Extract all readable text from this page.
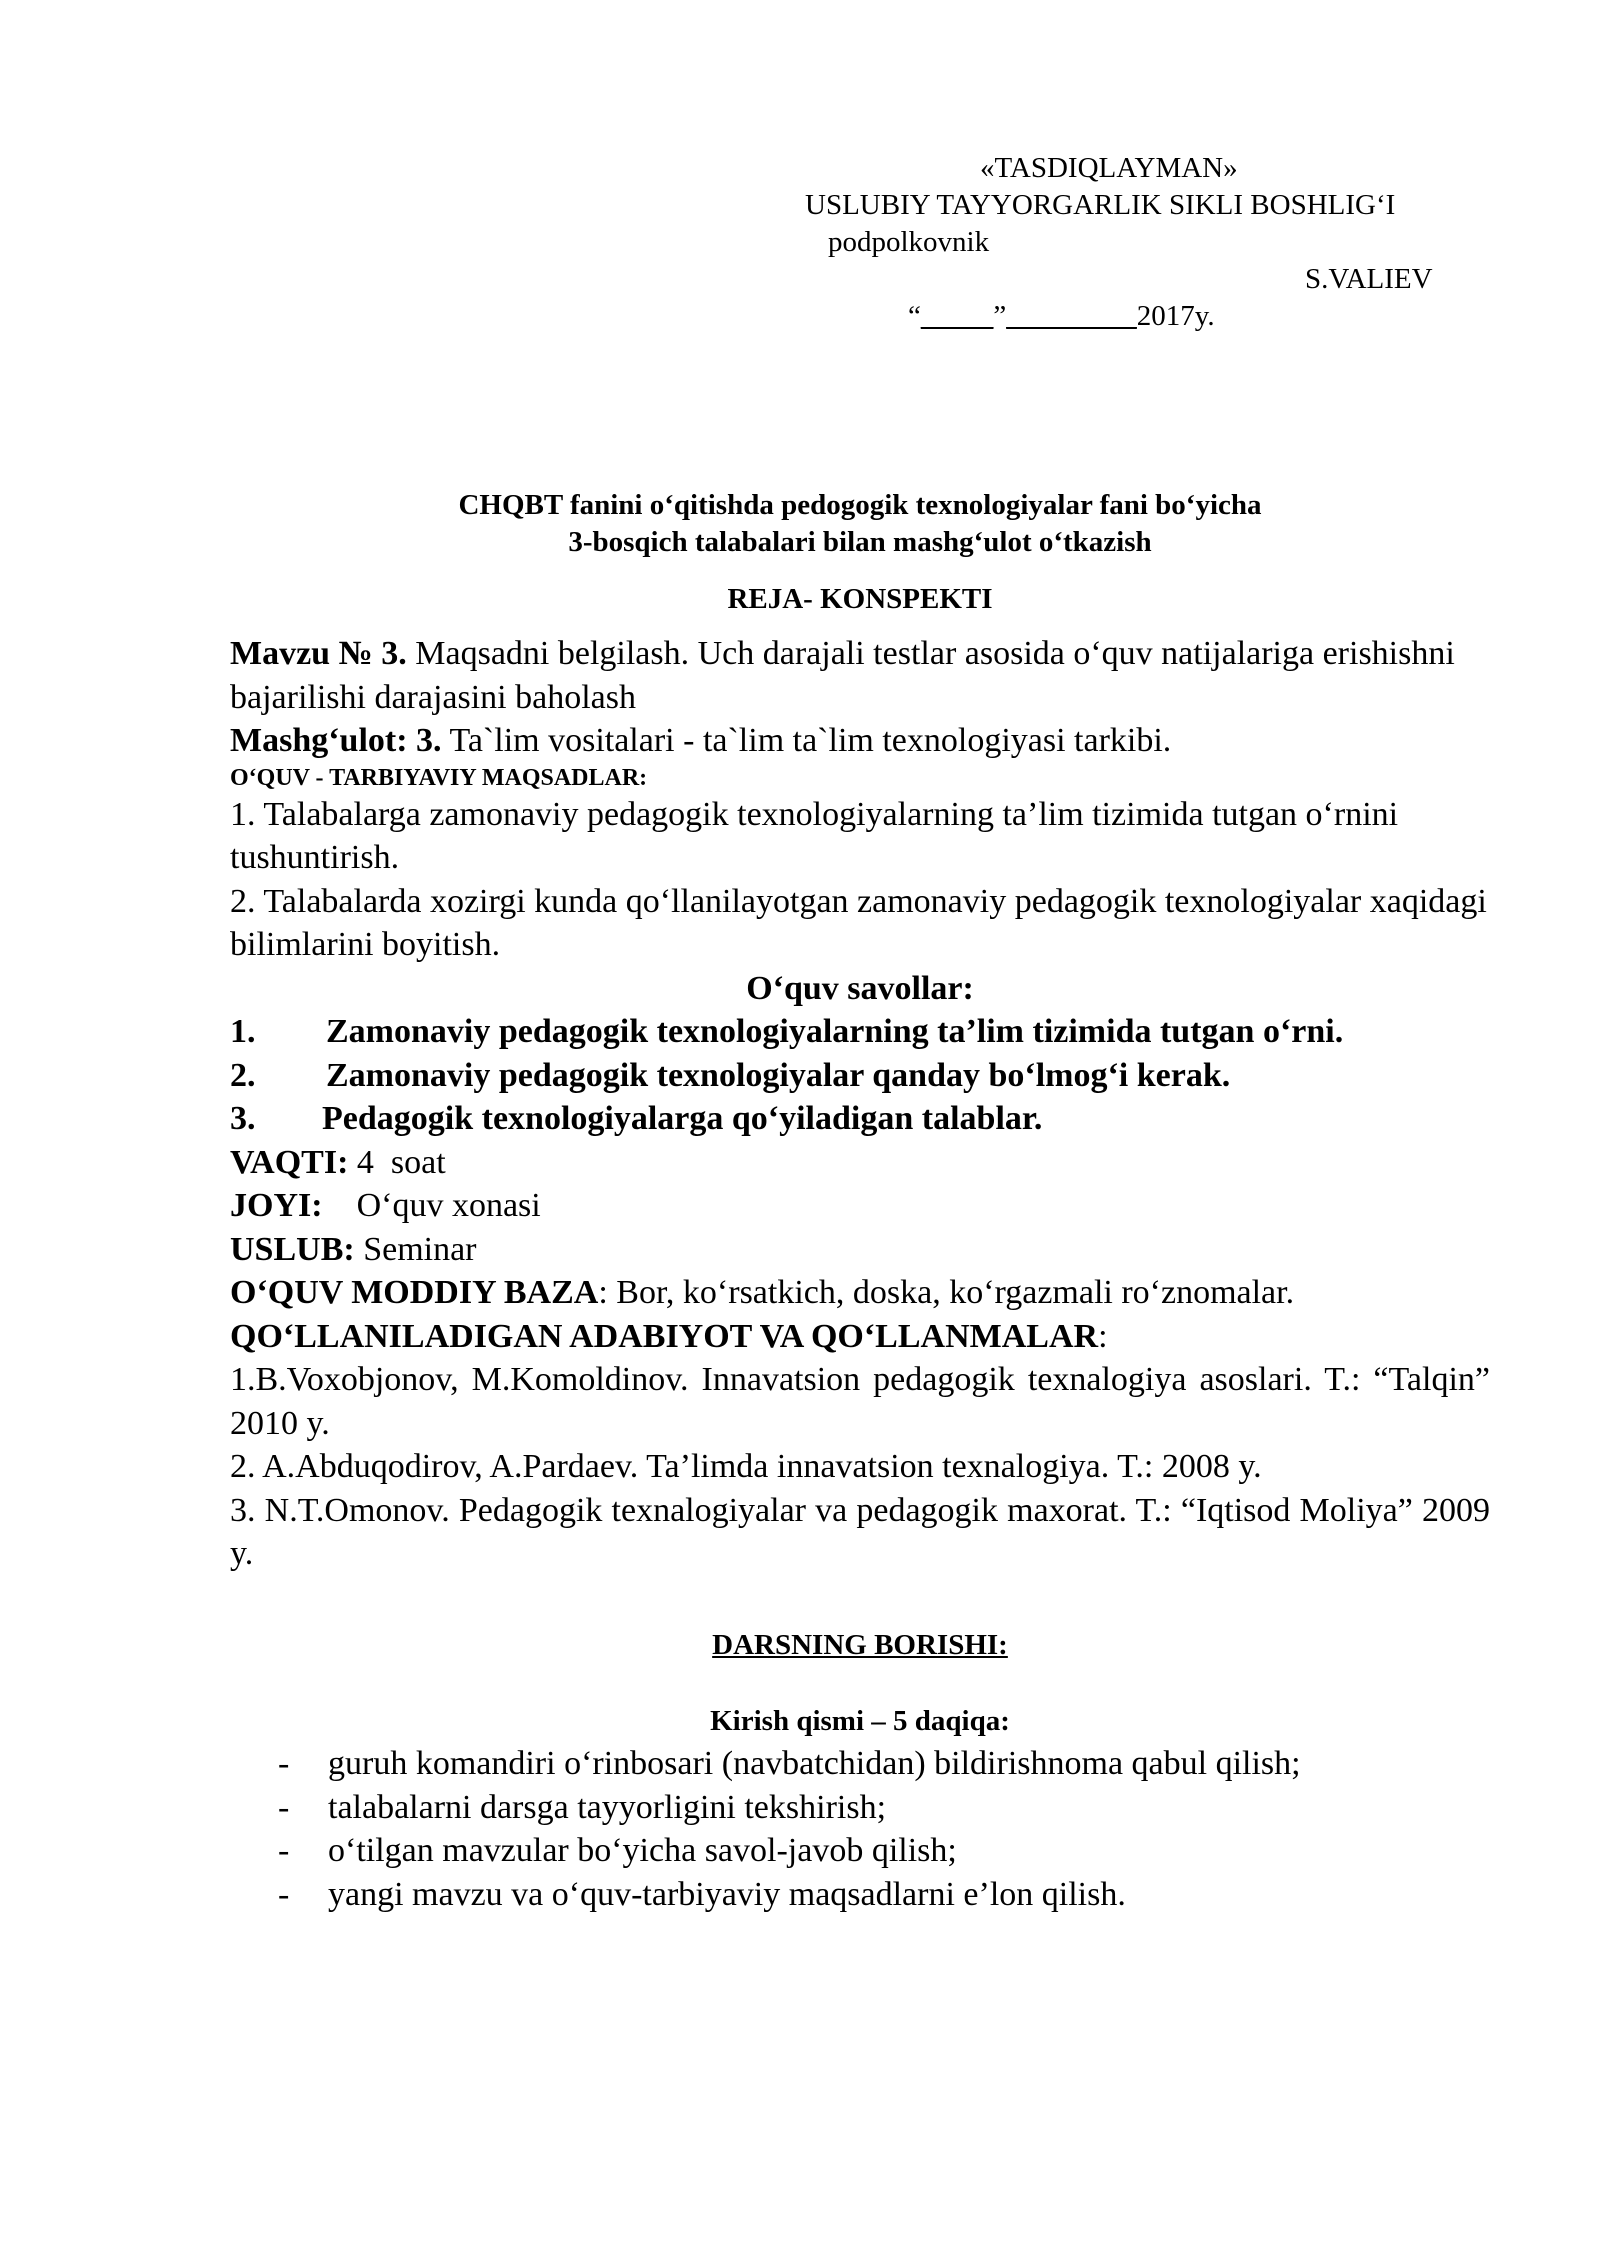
«TASDIQLAYMAN»
USLUBIY TAYYORGARLIK SIKLI BOSHLIG‘I
podpolkovnik
S.VALIEV
“_____”_________2017y.
CHQBT fanini o‘qitishda pedogogik texnologiyalar fani bo‘yicha
3-bosqich talabalari bilan mashg‘ulot o‘tkazish
REJA- KONSPEKTI

Mavzu № 3. Maqsadni belgilash. Uch darajali testlar asosida o‘quv natijalariga erishishni bajarilishi darajasini baholash

Mashg‘ulot: 3. Ta`lim vositalari - ta`lim ta`lim texnologiyasi tarkibi.

O‘QUV - TARBIYAVIY MAQSADLAR:

1. Talabalarga zamonaviy pedagogik texnologiyalarning ta’lim tizimida tutgan o‘rnini tushuntirish.

2. Talabalarda xozirgi kunda qo‘llanilayotgan zamonaviy pedagogik texnologiyalar xaqidagi bilimlarini boyitish.

O‘quv savollar:

1.	Zamonaviy pedagogik texnologiyalarning ta’lim tizimida tutgan o‘rni.
2.	Zamonaviy pedagogik texnologiyalar qanday bo‘lmog‘i kerak.
3.	Pedagogik texnologiyalarga qo‘yiladigan talablar.

VAQTI: 4  soat

JOYI:    O‘quv xonasi

USLUB: Seminar

O‘QUV MODDIY BAZA: Bor, ko‘rsatkich, doska, ko‘rgazmali ro‘znomalar.

QO‘LLANILADIGAN ADABIYOT VA QO‘LLANMALAR:

1.B.Voxobjonov, M.Komoldinov. Innavatsion pedagogik texnalogiya asoslari. T.: “Talqin” 2010 y.

2. A.Abduqodirov, A.Pardaev. Ta’limda innavatsion texnalogiya. T.: 2008 y.

3. N.T.Omonov. Pedagogik texnalogiyalar va pedagogik maxorat. T.: “Iqtisod Moliya” 2009 y.

DARSNING BORISHI:
Kirish qismi – 5 daqiqa:
-	guruh komandiri o‘rinbosari (navbatchidan) bildirishnoma qabul qilish;
-	talabalarni darsga tayyorligini tekshirish;
-	o‘tilgan mavzular bo‘yicha savol-javob qilish;
-	yangi mavzu va o‘quv-tarbiyaviy maqsadlarni e’lon qilish.
